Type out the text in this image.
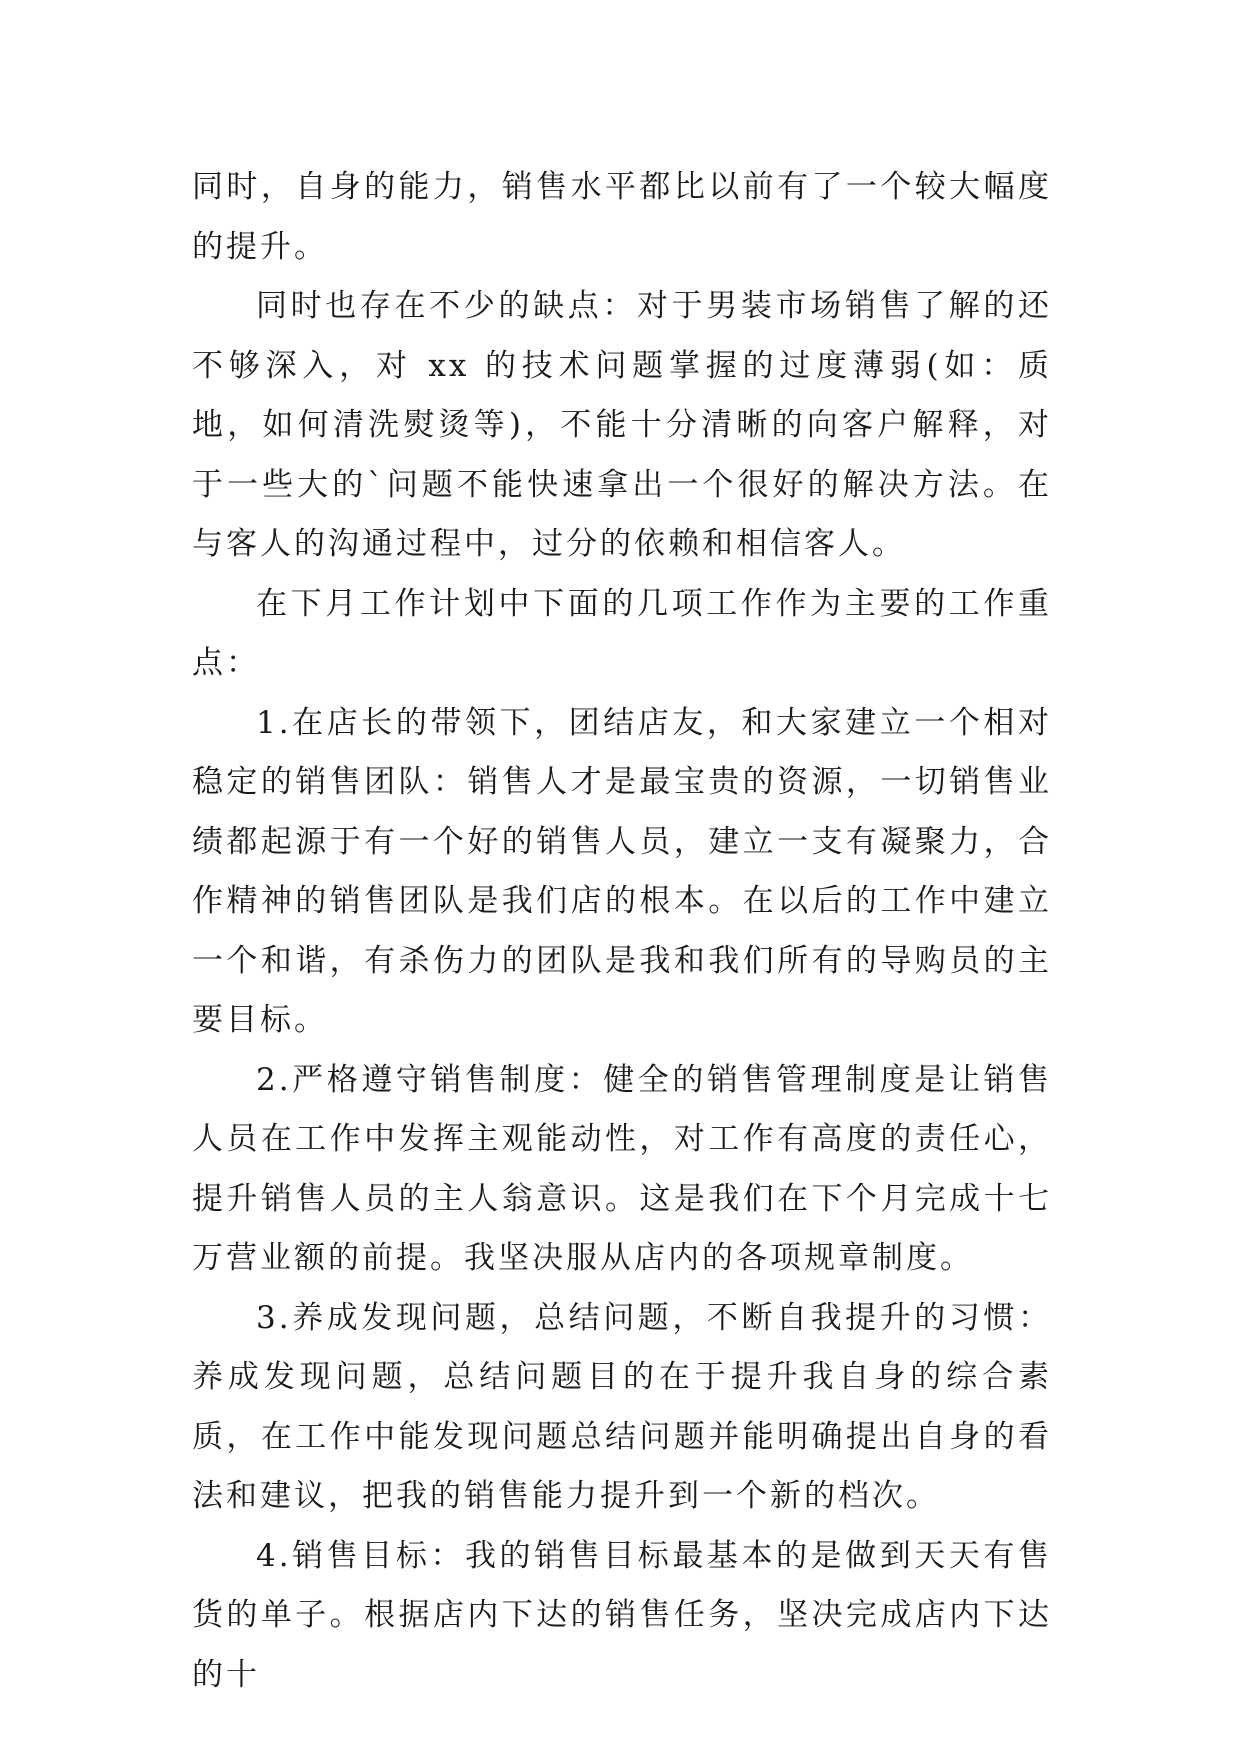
同时，自身的能力，销售水平都比以前有了一个较大幅度的提升。

同时也存在不少的缺点：对于男装市场销售了解的还不够深入，对 xx 的技术问题掌握的过度薄弱(如：质地，如何清洗熨烫等)，不能十分清晰的向客户解释，对于一些大的`问题不能快速拿出一个很好的解决方法。在与客人的沟通过程中，过分的依赖和相信客人。

在下月工作计划中下面的几项工作作为主要的工作重点：

1.在店长的带领下，团结店友，和大家建立一个相对稳定的销售团队：销售人才是最宝贵的资源，一切销售业绩都起源于有一个好的销售人员，建立一支有凝聚力，合作精神的销售团队是我们店的根本。在以后的工作中建立一个和谐，有杀伤力的团队是我和我们所有的导购员的主要目标。

2.严格遵守销售制度：健全的销售管理制度是让销售人员在工作中发挥主观能动性，对工作有高度的责任心，提升销售人员的主人翁意识。这是我们在下个月完成十七万营业额的前提。我坚决服从店内的各项规章制度。

3.养成发现问题，总结问题，不断自我提升的习惯：养成发现问题，总结问题目的在于提升我自身的综合素质，在工作中能发现问题总结问题并能明确提出自身的看法和建议，把我的销售能力提升到一个新的档次。

4.销售目标：我的销售目标最基本的是做到天天有售货的单子。根据店内下达的销售任务，坚决完成店内下达的十
